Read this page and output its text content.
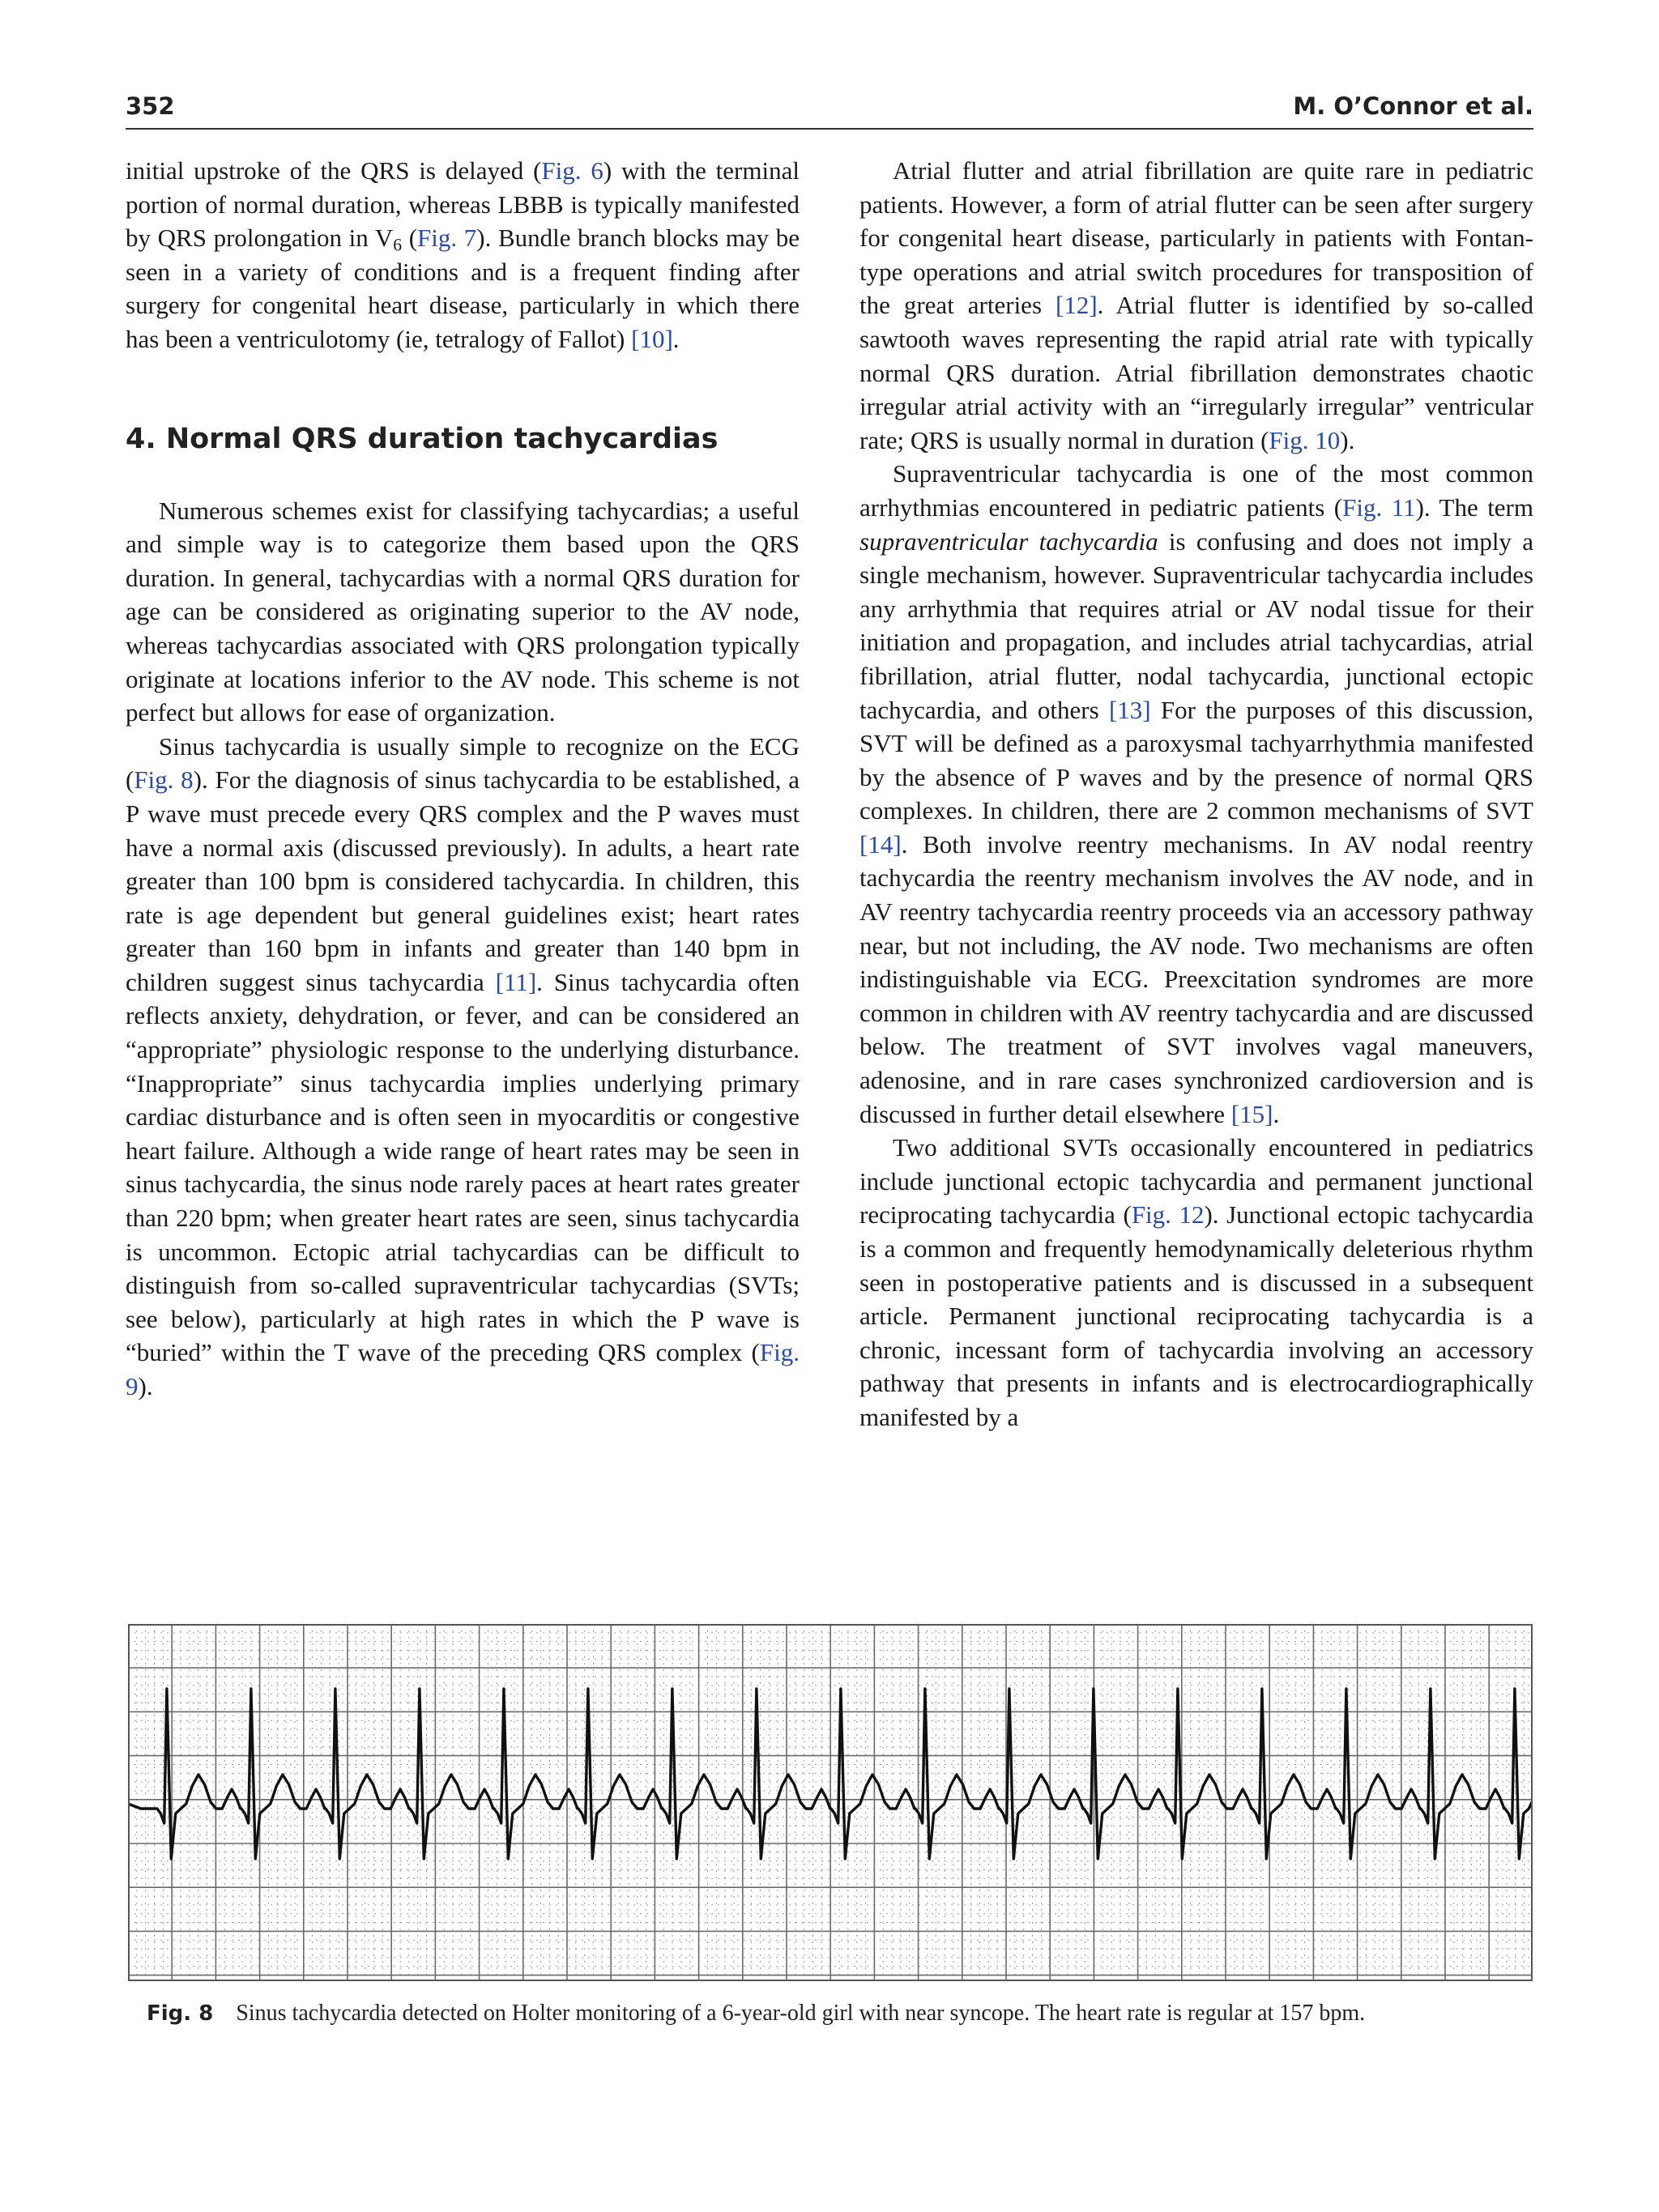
352	M. O’Connor et al.

initial upstroke of the QRS is delayed (Fig. 6) with the terminal portion of normal duration, whereas LBBB is typically manifested by QRS prolongation in $V_6$ (Fig. 7). Bundle branch blocks may be seen in a variety of conditions and is a frequent finding after surgery for congenital heart disease, particularly in which there has been a ventriculotomy (ie, tetralogy of Fallot) [10].

4. Normal QRS duration tachycardias

Numerous schemes exist for classifying tachycardias; a useful and simple way is to categorize them based upon the QRS duration. In general, tachycardias with a normal QRS duration for age can be considered as originating superior to the AV node, whereas tachycardias associated with QRS prolongation typically originate at locations inferior to the AV node. This scheme is not perfect but allows for ease of organization.

Sinus tachycardia is usually simple to recognize on the ECG (Fig. 8). For the diagnosis of sinus tachycardia to be established, a P wave must precede every QRS complex and the P waves must have a normal axis (discussed previously). In adults, a heart rate greater than 100 bpm is considered tachycardia. In children, this rate is age dependent but general guidelines exist; heart rates greater than 160 bpm in infants and greater than 140 bpm in children suggest sinus tachycardia [11]. Sinus tachycardia often reflects anxiety, dehydration, or fever, and can be considered an “appropriate” physiologic response to the underlying disturbance. “Inappropriate” sinus tachycardia implies underlying primary cardiac disturbance and is often seen in myocarditis or congestive heart failure. Although a wide range of heart rates may be seen in sinus tachycardia, the sinus node rarely paces at heart rates greater than 220 bpm; when greater heart rates are seen, sinus tachycardia is uncommon. Ectopic atrial tachycardias can be difficult to distinguish from so-called supraventricular tachycardias (SVTs; see below), particularly at high rates in which the P wave is “buried” within the T wave of the preceding QRS complex (Fig. 9).

Atrial flutter and atrial fibrillation are quite rare in pediatric patients. However, a form of atrial flutter can be seen after surgery for congenital heart disease, particularly in patients with Fontan-type operations and atrial switch procedures for transposition of the great arteries [12]. Atrial flutter is identified by so-called sawtooth waves representing the rapid atrial rate with typically normal QRS duration. Atrial fibrillation demonstrates chaotic irregular atrial activity with an “irregularly irregular” ventricular rate; QRS is usually normal in duration (Fig. 10).

Supraventricular tachycardia is one of the most common arrhythmias encountered in pediatric patients (Fig. 11). The term supraventricular tachycardia is confusing and does not imply a single mechanism, however. Supraventricular tachycardia includes any arrhythmia that requires atrial or AV nodal tissue for their initiation and propagation, and includes atrial tachycardias, atrial fibrillation, atrial flutter, nodal tachycardia, junctional ectopic tachycardia, and others [13] For the purposes of this discussion, SVT will be defined as a paroxysmal tachyarrhythmia manifested by the absence of P waves and by the presence of normal QRS complexes. In children, there are 2 common mechanisms of SVT [14]. Both involve reentry mechanisms. In AV nodal reentry tachycardia the reentry mechanism involves the AV node, and in AV reentry tachycardia reentry proceeds via an accessory pathway near, but not including, the AV node. Two mechanisms are often indistinguishable via ECG. Preexcitation syndromes are more common in children with AV reentry tachycardia and are discussed below. The treatment of SVT involves vagal maneuvers, adenosine, and in rare cases synchronized cardioversion and is discussed in further detail elsewhere [15].

Two additional SVTs occasionally encountered in pediatrics include junctional ectopic tachycardia and permanent junctional reciprocating tachycardia (Fig. 12). Junctional ectopic tachycardia is a common and frequently hemodynamically deleterious rhythm seen in postoperative patients and is discussed in a subsequent article. Permanent junctional reciprocating tachycardia is a chronic, incessant form of tachycardia involving an accessory pathway that presents in infants and is electrocardiographically manifested by a

Fig. 8 Sinus tachycardia detected on Holter monitoring of a 6-year-old girl with near syncope. The heart rate is regular at 157 bpm.
